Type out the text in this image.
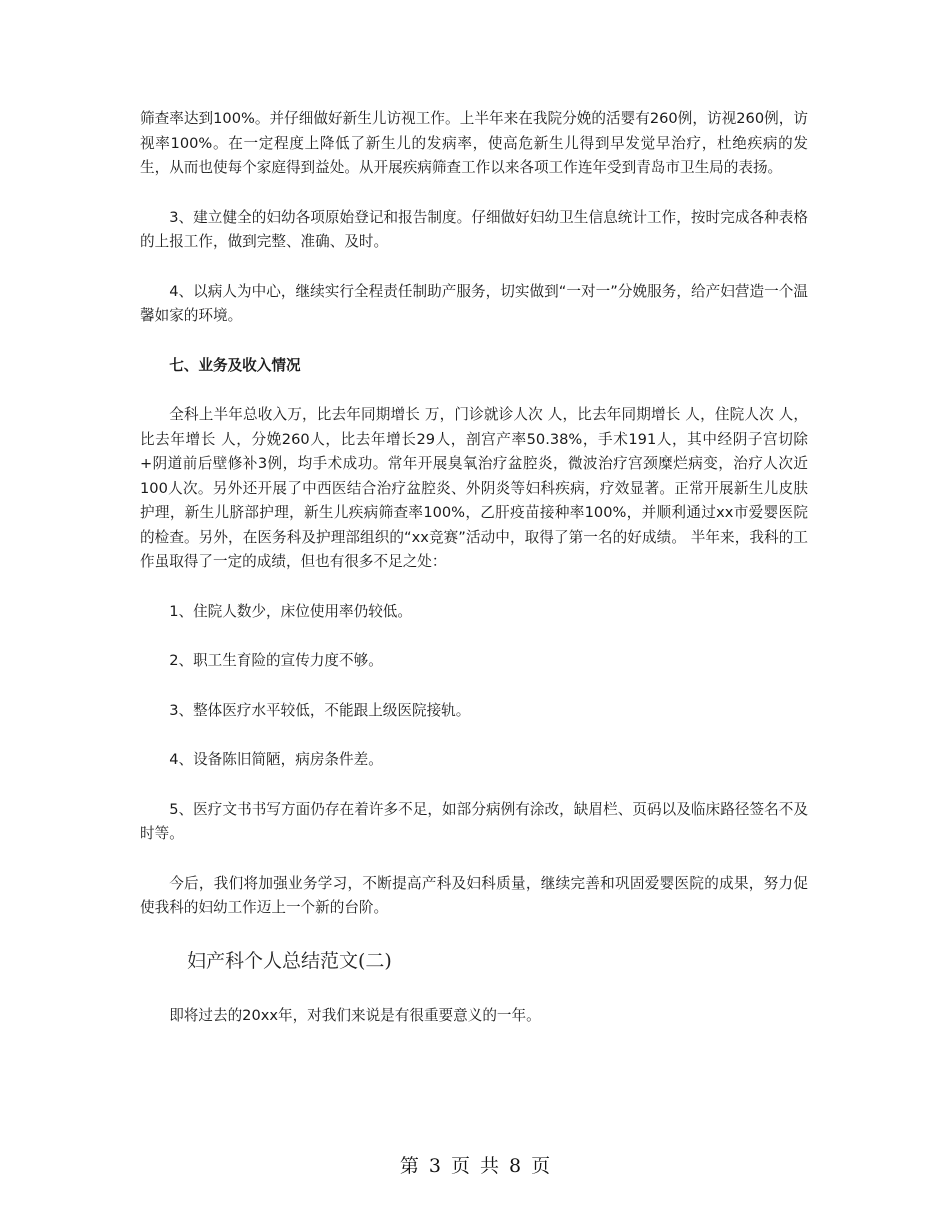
筛查率达到100%。并仔细做好新生儿访视工作。上半年来在我院分娩的活婴有260例，访视260例，访视率100%。在一定程度上降低了新生儿的发病率，使高危新生儿得到早发觉早治疗，杜绝疾病的发生，从而也使每个家庭得到益处。从开展疾病筛查工作以来各项工作连年受到青岛市卫生局的表扬。

3、建立健全的妇幼各项原始登记和报告制度。仔细做好妇幼卫生信息统计工作，按时完成各种表格的上报工作，做到完整、准确、及时。

4、以病人为中心，继续实行全程责任制助产服务，切实做到“一对一”分娩服务，给产妇营造一个温馨如家的环境。

七、业务及收入情况

全科上半年总收入万，比去年同期增长 万，门诊就诊人次 人，比去年同期增长 人，住院人次 人，比去年增长 人，分娩260人，比去年增长29人，剖宫产率50.38%，手术191人，其中经阴子宫切除+阴道前后壁修补3例，均手术成功。常年开展臭氧治疗盆腔炎，微波治疗宫颈糜烂病变，治疗人次近100人次。另外还开展了中西医结合治疗盆腔炎、外阴炎等妇科疾病，疗效显著。正常开展新生儿皮肤护理，新生儿脐部护理，新生儿疾病筛查率100%，乙肝疫苗接种率100%，并顺利通过xx市爱婴医院的检查。另外，在医务科及护理部组织的“xx竞赛”活动中，取得了第一名的好成绩。 半年来，我科的工作虽取得了一定的成绩，但也有很多不足之处：

1、住院人数少，床位使用率仍较低。

2、职工生育险的宣传力度不够。

3、整体医疗水平较低，不能跟上级医院接轨。

4、设备陈旧简陋，病房条件差。

5、医疗文书书写方面仍存在着许多不足，如部分病例有涂改，缺眉栏、页码以及临床路径签名不及时等。

今后，我们将加强业务学习，不断提高产科及妇科质量，继续完善和巩固爱婴医院的成果，努力促使我科的妇幼工作迈上一个新的台阶。

妇产科个人总结范文(二)

即将过去的20xx年，对我们来说是有很重要意义的一年。

第 3 页 共 8 页
